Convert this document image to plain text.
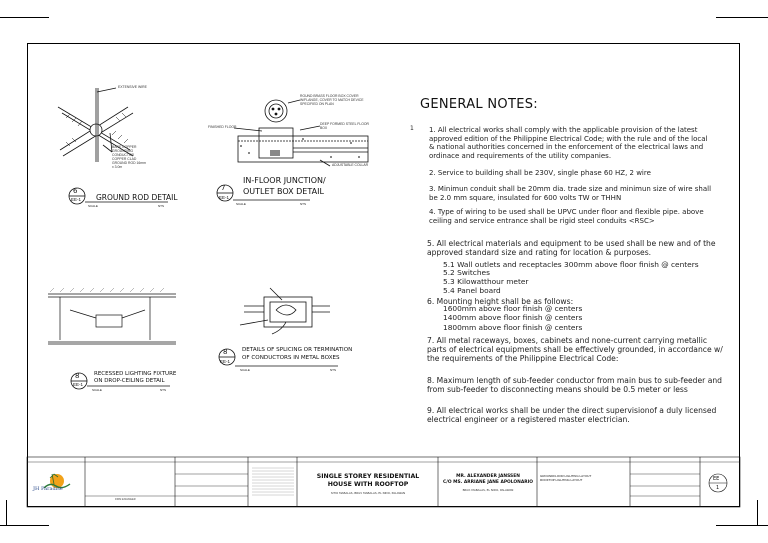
6
EE-1 GROUND ROD DETAIL
SCALE	NTS
EXTENSIVE WIRE
BARE COPPER GROUNDING CONDUCTOR
COPPER CLAD GROUND ROD 16mm x 3.0m
7
EE-1
IN-FLOOR JUNCTION/
OUTLET BOX DETAIL
SCALE	NTS
ROUND BRASS FLOOR BOX COVER W/FLANGE, COVER TO MATCH DEVICE SPECIFIED ON PLAN
FINISHED FLOOR
DEEP FORMED STEEL FLOOR BOX
ADJUSTABLE COLLAR
8
EE-1
RECESSED LIGHTING FIXTURE
ON DROP-CEILING DETAIL
SCALE	NTS
8
EE-1
DETAILS OF SPLICING OR TERMINATION
OF CONDUCTORS IN METAL BOXES
SCALE	NTS
GENERAL NOTES:
1 1. All electrical works shall comply with the applicable provision of the latest approved edition of the Philippine Electrical Code; with the rule and of the local & national authorities concerned in the enforcement of the electrical laws and ordinace and requirements of the utility companies.
2. Service to building shall be 230V, single phase 60 HZ, 2 wire
3. Minimun conduit shall be 20mm dia. trade size and minimun size of wire shall be 2.0 mm square, insulated for 600 volts TW or THHN
4. Type of wiring to be used shall be UPVC under floor and flexible pipe. above ceiling and service entrance shall be rigid steel conduits <RSC>
5. All electrical materials and equipment to be used shall be new and of the approved standard size and rating for location & purposes.
5.1 Wall outlets and receptacles 300mm above floor finish @ centers
5.2 Switches
5.3 Kilowatthour meter
5.4 Panel board
6. Mounting height shall be as follows:
1600mm above floor finish @ centers
1400mm above floor finish @ centers
1800mm above floor finish @ centers
7. All metal raceways, boxes, cabinets and none-current carrying metallic parts of electrical equipments shall be effectively grounded, in accordance w/ the requirements of the Philippine Electrical Code:
8. Maximum length of sub-feeder conductor from main bus to sub-feeder and from sub-feeder to disconnecting means should be 0.5 meter or less
9. All electrical works shall be under the direct supervisionof a duly licensed electrical engineer or a registered master electrician.
JH Paradise
FIRM ENGINEER
SINGLE STOREY RESIDENTIAL
HOUSE WITH ROOFTOP
SITIO MABALAS, BRGY. MABALAS, EL NIDO, PALAWAN
MR. ALEXANDER JANSSEN
C/O MS. ARRIANE JANE APOLONARIO
BRGY. MABALAS, EL NIDO, PALAWAN
GROUNDFLOOR LIGHTING LAYOUT
ROOFTOP LIGHTING LAYOUT	EE
1
